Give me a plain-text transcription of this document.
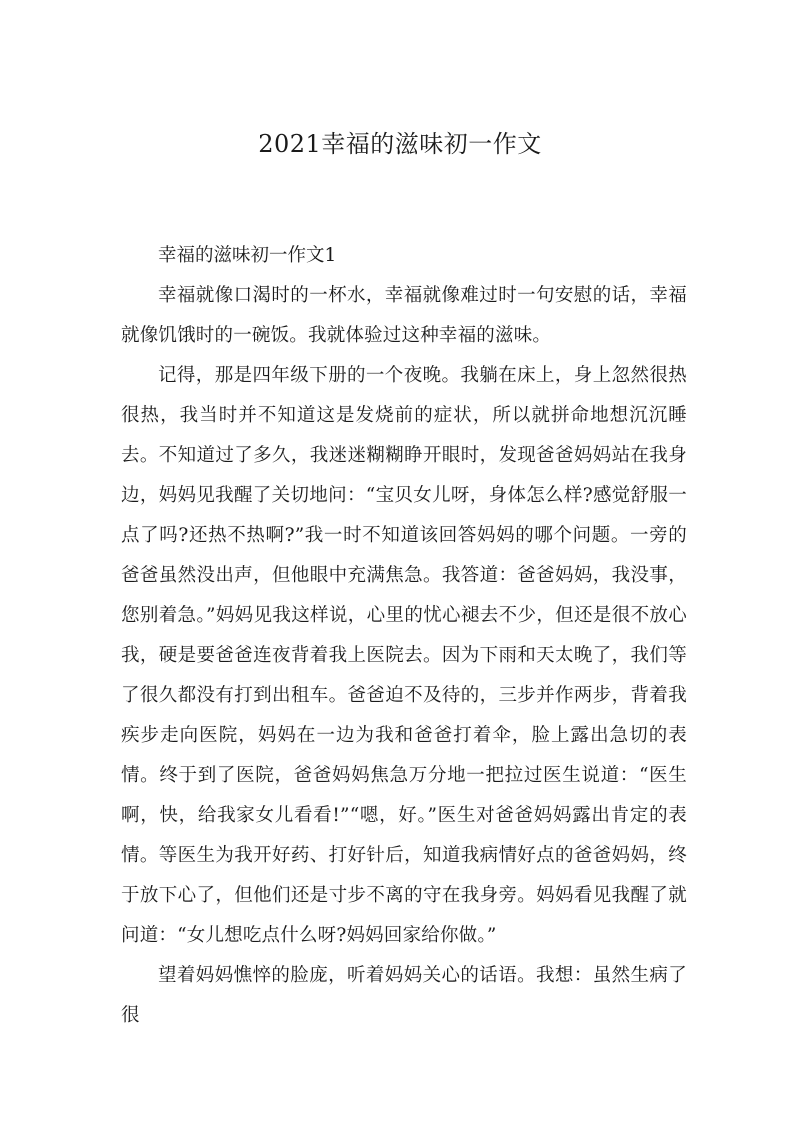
2021幸福的滋味初一作文

幸福的滋味初一作文1

幸福就像口渴时的一杯水，幸福就像难过时一句安慰的话，幸福就像饥饿时的一碗饭。我就体验过这种幸福的滋味。

记得，那是四年级下册的一个夜晚。我躺在床上，身上忽然很热很热，我当时并不知道这是发烧前的症状，所以就拼命地想沉沉睡去。不知道过了多久，我迷迷糊糊睁开眼时，发现爸爸妈妈站在我身边，妈妈见我醒了关切地问：“宝贝女儿呀，身体怎么样?感觉舒服一点了吗?还热不热啊?”我一时不知道该回答妈妈的哪个问题。一旁的爸爸虽然没出声，但他眼中充满焦急。我答道：爸爸妈妈，我没事，您别着急。”妈妈见我这样说，心里的忧心褪去不少，但还是很不放心我，硬是要爸爸连夜背着我上医院去。因为下雨和天太晚了，我们等了很久都没有打到出租车。爸爸迫不及待的，三步并作两步，背着我疾步走向医院，妈妈在一边为我和爸爸打着伞，脸上露出急切的表情。终于到了医院，爸爸妈妈焦急万分地一把拉过医生说道：“医生啊，快，给我家女儿看看!”“嗯，好。”医生对爸爸妈妈露出肯定的表情。等医生为我开好药、打好针后，知道我病情好点的爸爸妈妈，终于放下心了，但他们还是寸步不离的守在我身旁。妈妈看见我醒了就问道：“女儿想吃点什么呀?妈妈回家给你做。”

望着妈妈憔悴的脸庞，听着妈妈关心的话语。我想：虽然生病了很
